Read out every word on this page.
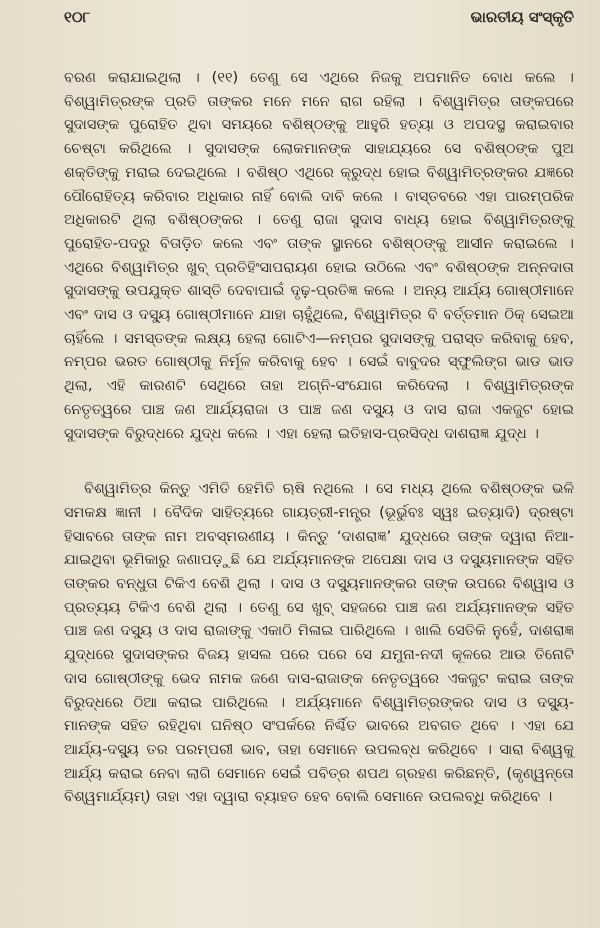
୧୦୮	ଭାରତୀୟ ସଂସ୍କୃତି

ବରଣ କରାଯାଇଥିଲା । (୧୧) ତେଣୁ ସେ ଏଥିରେ ନିଜକୁ ଅପମାନିତ ବୋଧ କଲେ । ବିଶ୍ୱାମିତ୍ରଙ୍କ ପ୍ରତି ତାଙ୍କର ମନେ ମନେ ରାଗ ରହିଲା । ବିଶ୍ୱାମିତ୍ର ତାଙ୍କପରେ ସୁଦାସଙ୍କ ପୁରୋହିତ ଥିବା ସମୟରେ ବଶିଷ୍ଠଙ୍କୁ ଆହୁରି ହତ୍ୟା ଓ ଅପଦସ୍ଥ କରାଇବାର ଚେଷ୍ଟା କରିଥିଲେ । ସୁଦାସଙ୍କ ଲୋକମାନଙ୍କ ସାହାଯ୍ୟରେ ସେ ବଶିଷ୍ଠଙ୍କ ପୁଅ ଶକ୍ତିଙ୍କୁ ମରାଇ ଦେଇଥିଲେ । ବଶିଷ୍ଠ ଏଥିରେ କ୍ରୁଦ୍ଧ ହୋଇ ବିଶ୍ୱାମିତ୍ରଙ୍କର ଯଜ୍ଞରେ ପୌରୋହିତ୍ୟ କରିବାର ଅଧିକାର ନାହିଁ ବୋଲି ଦାବି କଲେ । ବାସ୍ତବରେ ଏହା ପାରମ୍ପରିକ ଅଧିକାରଟି ଥିଲା ବଶିଷ୍ଠଙ୍କର । ତେଣୁ ରାଜା ସୁଦାସ ବାଧ୍ୟ ହୋଇ ବିଶ୍ୱାମିତ୍ରଙ୍କୁ ପୁରୋହିତ-ପଦରୁ ବିତାଡ଼ିତ କଲେ ଏବଂ ତାଙ୍କ ସ୍ଥାନରେ ବଶିଷ୍ଠଙ୍କୁ ଆସୀନ କରାଇଲେ । ଏଥିରେ ବିଶ୍ୱାମିତ୍ର ଖୁବ୍ ପ୍ରତିହିଂସାପରାୟଣ ହୋଇ ଉଠିଲେ ଏବଂ ବଶିଷ୍ଠଙ୍କ ଅନ୍ନଦାତା ସୁଦାସଙ୍କୁ ଉପଯୁକ୍ତ ଶାସ୍ତି ଦେବାପାଇଁ ଦୃଢ଼-ପ୍ରତିଜ୍ଞ କଲେ । ଅନ୍ୟ ଆର୍ଯ୍ୟ ଗୋଷ୍ଠୀମାନେ ଏବଂ ଦାସ ଓ ଦସ୍ୟୁ ଗୋଷ୍ଠୀମାନେ ଯାହା ଚାହୁଁଥିଲେ, ବିଶ୍ୱାମିତ୍ର ବି ବର୍ତ୍ତମାନ ଠିକ୍ ସେଇଆ ଚାହିଁଲେ । ସମସ୍ତଙ୍କ ଲକ୍ଷ୍ୟ ହେଲା ଗୋଟିଏ—ନମ୍ପର ସୁଦାସଙ୍କୁ ପରାସ୍ତ କରିବାକୁ ହେବ, ନମ୍ପର ଭରତ ଗୋଷ୍ଠୀକୁ ନିର୍ମୂଳ କରିବାକୁ ହେବ । ସେଇଁ ବାବୁଦର ସ୍ଫୁଲିଙ୍ଗ ଭାଡ ଭାଡ ଥିଲା, ଏହି କାରଣଟି ସେଥିରେ ତାହା ଅଗ୍ନି-ସଂଯୋଗ କରିଦେଲା । ବିଶ୍ୱାମିତ୍ରଙ୍କ ନେତୃତ୍ୱରେ ପାଞ୍ଚ ଜଣ ଆର୍ଯ୍ୟରାଜା ଓ ପାଞ୍ଚ ଜଣ ଦସ୍ୟୁ ଓ ଦାସ ରାଜା ଏକଜୁଟ ହୋଇ ସୁଦାସଙ୍କ ବିରୁଦ୍ଧରେ ଯୁଦ୍ଧ କଲେ । ଏହା ହେଲା ଇତିହାସ-ପ୍ରସିଦ୍ଧ ଦାଶରାଜ୍ଞ ଯୁଦ୍ଧ ।

ବିଶ୍ୱାମିତ୍ର କିନ୍ତୁ ଏମିତି ହେମିତି ଋଷି ନଥିଲେ । ସେ ମଧ୍ୟ ଥିଲେ ବଶିଷ୍ଠଙ୍କ ଭଳି ସମକକ୍ଷ ଜ୍ଞାନୀ । ବୈଦିକ ସାହିତ୍ୟରେ ଗାୟତ୍ରୀ-ମନ୍ତ୍ର (ଭୂର୍ଭୁବଃ ସ୍ୱଃ ଇତ୍ୟାଦି) ଦ୍ରଷ୍ଟା ହିସାବରେ ତାଙ୍କ ନାମ ଅବସ୍ମରଣୀୟ । କିନ୍ତୁ ‘ଦାଶରାଜ୍ଞ’ ଯୁଦ୍ଧରେ ତାଙ୍କ ଦ୍ୱାରା ନିଆ-ଯାଇଥିବା ଭୂମିକାରୁ ଜଣାପଡ଼ୁଛି ଯେ ଅର୍ଯ୍ୟମାନଙ୍କ ଅପେକ୍ଷା ଦାସ ଓ ଦସ୍ୟୁମାନଙ୍କ ସହିତ ତାଙ୍କର ବନ୍ଧୁତା ଟିକିଏ ବେଶି ଥିଲା । ଦାସ ଓ ଦସ୍ୟୁମାନଙ୍କର ତାଙ୍କ ଉପରେ ବିଶ୍ୱାସ ଓ ପ୍ରତ୍ୟୟ ଟିକିଏ ବେଶି ଥିଲା । ତେଣୁ ସେ ଖୁବ୍ ସହଜରେ ପାଞ୍ଚ ଜଣ ଅର୍ଯ୍ୟମାନଙ୍କ ସହିତ ପାଞ୍ଚ ଜଣ ଦସ୍ୟୁ ଓ ଦାସ ରାଜାଙ୍କୁ ଏକାଠି ମିଳାଇ ପାରିଥିଲେ । ଖାଲି ସେତିକି ନୁହେଁ, ଦାଶରାଜ୍ଞ ଯୁଦ୍ଧରେ ସୁଦାସଙ୍କର ବିଜୟ ହାସଲ ପରେ ପରେ ସେ ଯମୁନା-ନଦୀ କୂଳରେ ଆଉ ତିନୋଟି ଦାସ ଗୋଷ୍ଠୀଙ୍କୁ ଭେଦ ନାମକ ଜଣେ ଦାସ-ରାଜାଙ୍କ ନେତୃତ୍ୱରେ ଏକଜୁଟ କରାଇ ତାଙ୍କ ବିରୁଦ୍ଧରେ ଠିଆ କରାଇ ପାରିଥିଲେ । ଅର୍ଯ୍ୟମାନେ ବିଶ୍ୱାମିତ୍ରଙ୍କର ଦାସ ଓ ଦସ୍ୟୁ-ମାନଙ୍କ ସହିତ ରହିଥିବା ଘନିଷ୍ଠ ସଂପର୍କରେ ନିର୍ଶ୍ଚିତ ଭାବରେ ଅବଗତ ଥିବେ । ଏହା ଯେ ଆର୍ଯ୍ୟ-ଦସ୍ୟୁ ତର ପରମ୍ପରୀ ଭାବ, ତାହା ସେମାନେ ଉପଲବ୍ଧ କରିଥିବେ । ସାରା ବିଶ୍ୱକୁ ଆର୍ଯ୍ୟ କରାଇ ନେବା ଲାଗି ସେମାନେ ସେଇଁ ପବିତ୍ର ଶପଥ ଗ୍ରହଣ କରିଛନ୍ତି, (କୃଣ୍ୱନ୍ତୋ ବିଶ୍ୱମାର୍ଯ୍ୟମ୍) ତାହା ଏହା ଦ୍ୱାରା ବ୍ୟାହତ ହେବ ବୋଲି ସେମାନେ ଉପଲବ୍ଧି କରିଥିବେ ।
